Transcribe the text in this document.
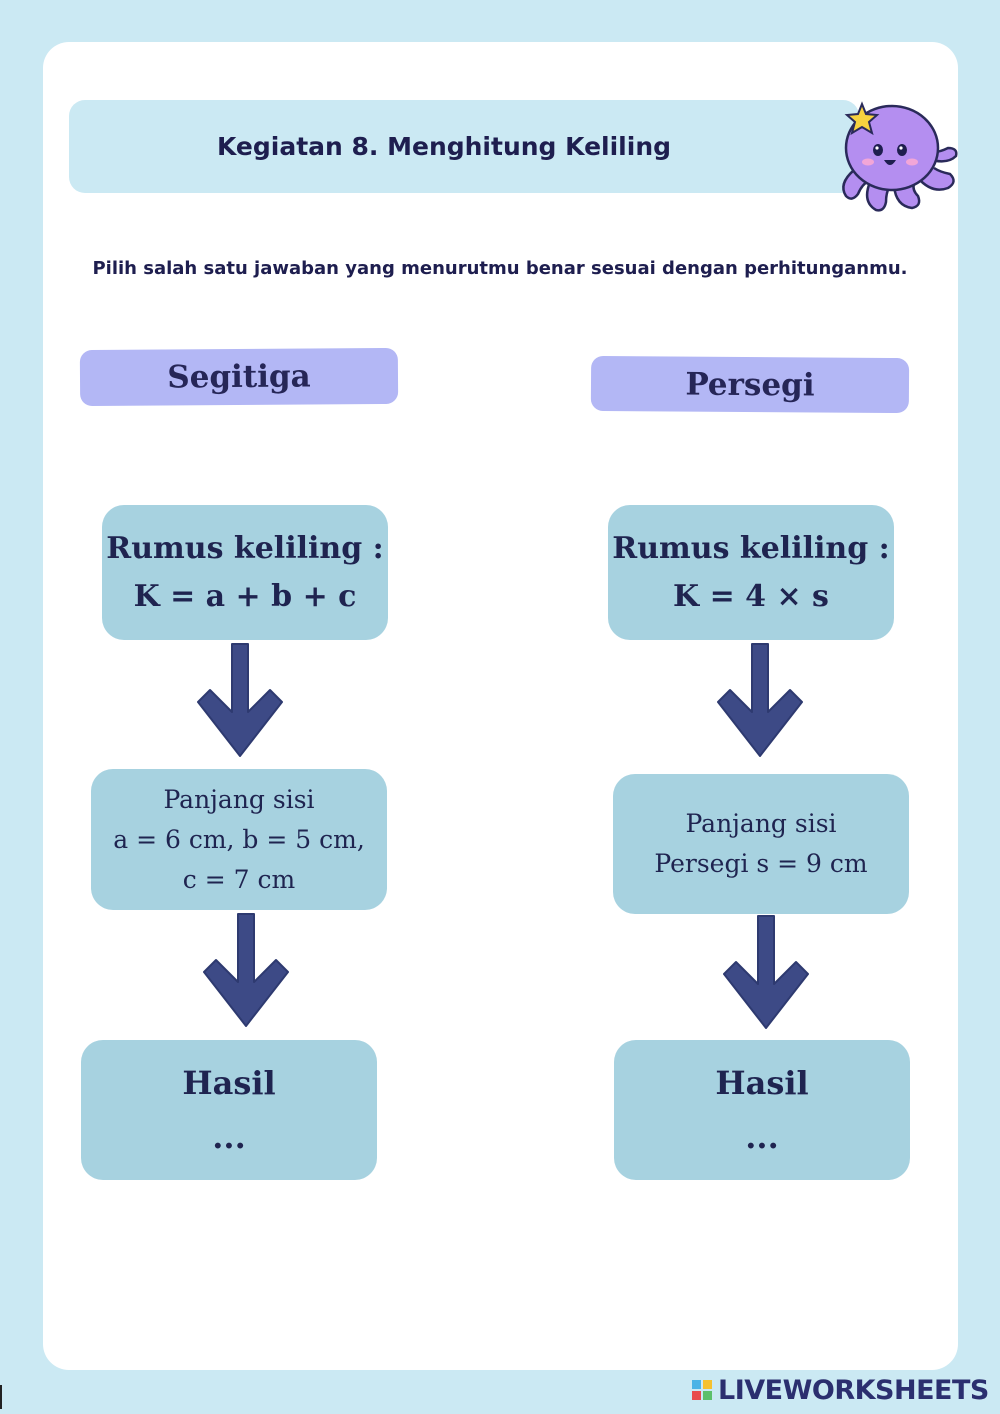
Kegiatan 8. Menghitung Keliling
Pilih salah satu jawaban yang menurutmu benar sesuai dengan perhitunganmu.
Segitiga
Rumus keliling :
K = a + b + c
Panjang sisi
a = 6 cm, b = 5 cm,
c = 7 cm
Hasil
...
Persegi
Rumus keliling :
K = 4 × s
Panjang sisi
Persegi s = 9 cm
Hasil
...
LIVEWORKSHEETS
